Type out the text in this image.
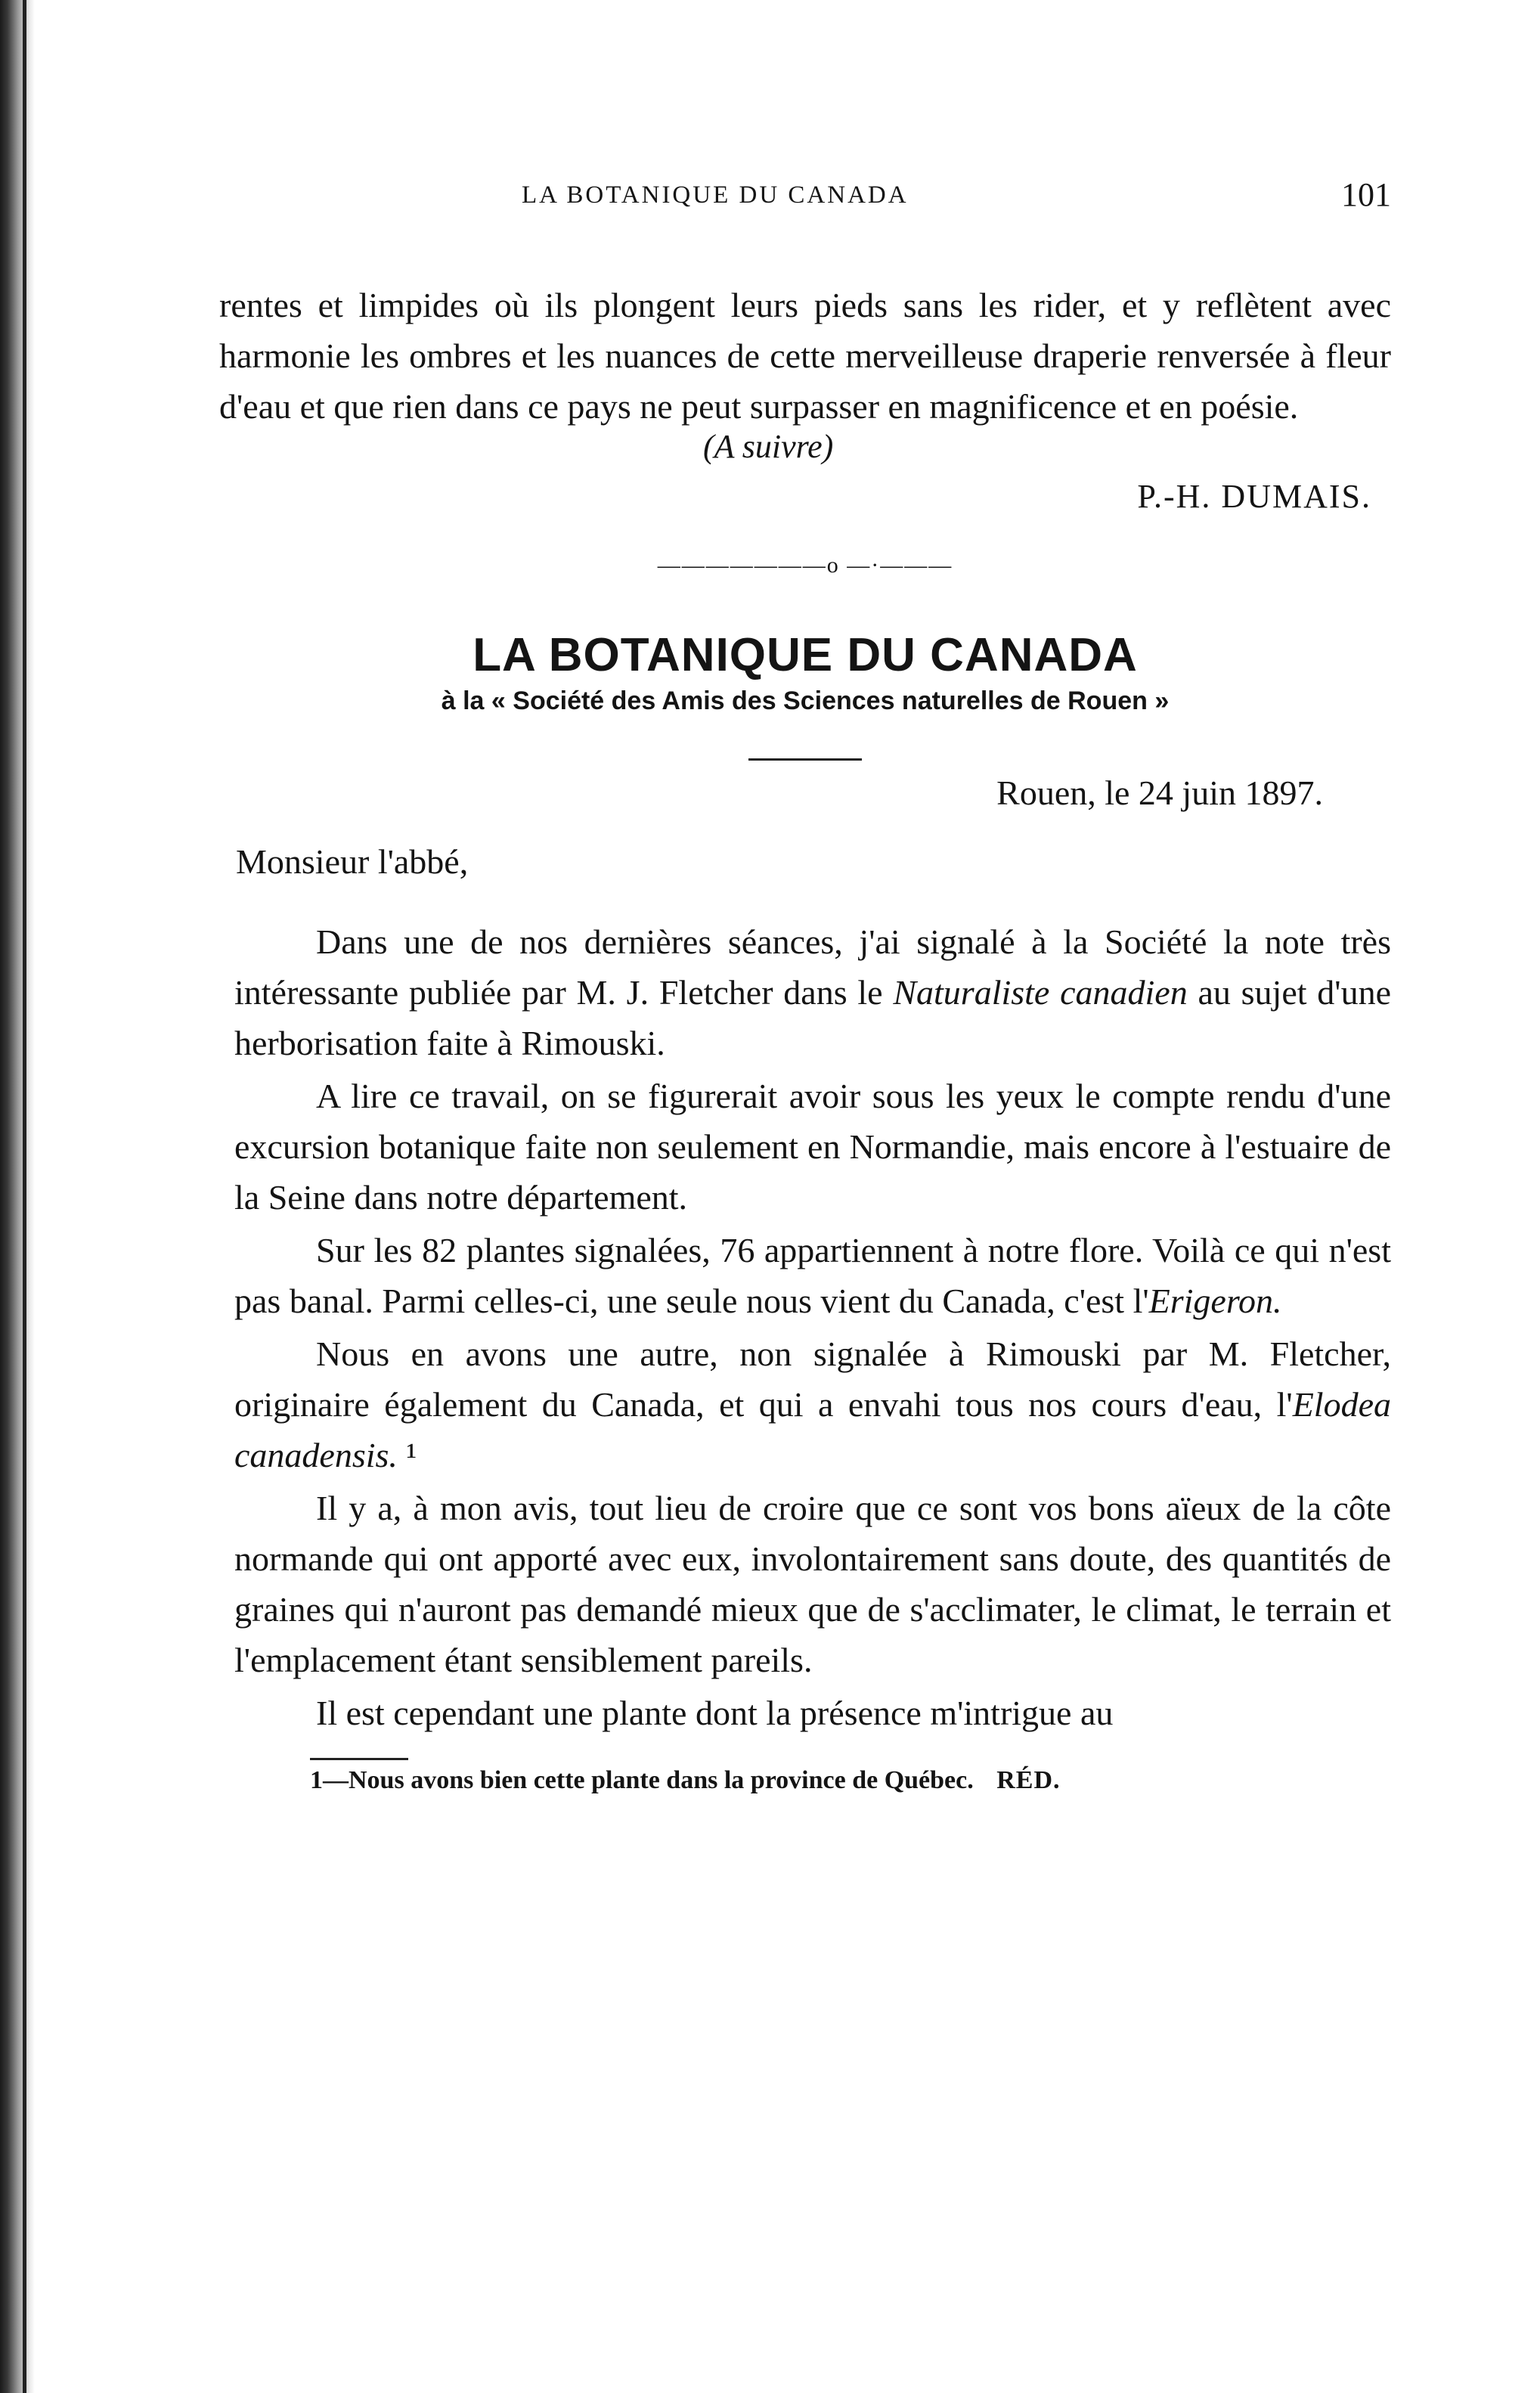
LA BOTANIQUE DU CANADA	101

rentes et limpides où ils plongent leurs pieds sans les rider, et y reflètent avec harmonie les ombres et les nuances de cette merveilleuse draperie renversée à fleur d'eau et que rien dans ce pays ne peut surpasser en magnificence et en poésie.

(A suivre)
P.-H. DUMAIS.
———————o —·———
LA BOTANIQUE DU CANADA
à la « Société des Amis des Sciences naturelles de Rouen »
Rouen, le 24 juin 1897.
Monsieur l'abbé,

Dans une de nos dernières séances, j'ai signalé à la Société la note très intéressante publiée par M. J. Fletcher dans le Naturaliste canadien au sujet d'une herborisation faite à Rimouski.

A lire ce travail, on se figurerait avoir sous les yeux le compte rendu d'une excursion botanique faite non seulement en Normandie, mais encore à l'estuaire de la Seine dans notre département.

Sur les 82 plantes signalées, 76 appartiennent à notre flore. Voilà ce qui n'est pas banal. Parmi celles-ci, une seule nous vient du Canada, c'est l'Erigeron.

Nous en avons une autre, non signalée à Rimouski par M. Fletcher, originaire également du Canada, et qui a envahi tous nos cours d'eau, l'Elodea canadensis. ¹

Il y a, à mon avis, tout lieu de croire que ce sont vos bons aïeux de la côte normande qui ont apporté avec eux, involontairement sans doute, des quantités de graines qui n'auront pas demandé mieux que de s'acclimater, le climat, le terrain et l'emplacement étant sensiblement pareils.

Il est cependant une plante dont la présence m'intrigue au

1—Nous avons bien cette plante dans la province de Québec. RÉD.
